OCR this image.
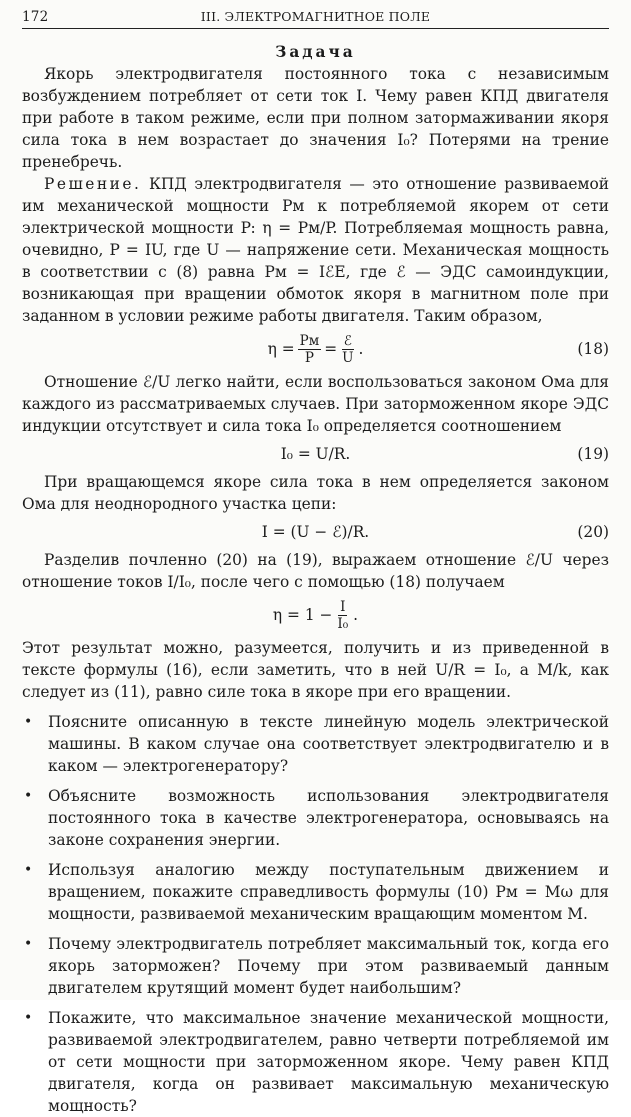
172	III. ЭЛЕКТРОМАГНИТНОЕ ПОЛЕ
Задача

Якорь электродвигателя постоянного тока с независимым возбуждением потребляет от сети ток I. Чему равен КПД двигателя при работе в таком режиме, если при полном затормаживании якоря сила тока в нем возрастает до значения I₀? Потерями на трение пренебречь.

Решение. КПД электродвигателя — это отношение развиваемой им механической мощности Pм к потребляемой якорем от сети электрической мощности P: η = Pм/P. Потребляемая мощность равна, очевидно, P = IU, где U — напряжение сети. Механическая мощность в соответствии с (8) равна Pм = IℰЕ, где ℰ — ЭДС самоиндукции, возникающая при вращении обмоток якоря в магнитном поле при заданном в условии режиме работы двигателя. Таким образом,

$\eta = \frac{Pм}{P} = \frac{\text{ℰ}}{U}$ .	(18)

Отношение ℰ/U легко найти, если воспользоваться законом Ома для каждого из рассматриваемых случаев. При заторможенном якоре ЭДС индукции отсутствует и сила тока I₀ определяется соотношением

I₀ = U/R.	(19)

При вращающемся якоре сила тока в нем определяется законом Ома для неоднородного участка цепи:

I = (U − ℰ)/R.	(20)

Разделив почленно (20) на (19), выражаем отношение ℰ/U через отношение токов I/I₀, после чего с помощью (18) получаем

$\eta = 1 - \frac{I}{\text{I₀}}$ .

Этот результат можно, разумеется, получить и из приведенной в тексте формулы (16), если заметить, что в ней U/R = I₀, а M/k, как следует из (11), равно силе тока в якоре при его вращении.

• Поясните описанную в тексте линейную модель электрической машины. В каком случае она соответствует электродвигателю и в каком — электрогенератору?
• Объясните возможность использования электродвигателя постоянного тока в качестве электрогенератора, основываясь на законе сохранения энергии.
• Используя аналогию между поступательным движением и вращением, покажите справедливость формулы (10) Pм = Mω для мощности, развиваемой механическим вращающим моментом M.
• Почему электродвигатель потребляет максимальный ток, когда его якорь заторможен? Почему при этом развиваемый данным двигателем крутящий момент будет наибольшим?
• Покажите, что максимальное значение механической мощности, развиваемой электродвигателем, равно четверти потребляемой им от сети мощности при заторможенном якоре. Чему равен КПД двигателя, когда он развивает максимальную механическую мощность?
